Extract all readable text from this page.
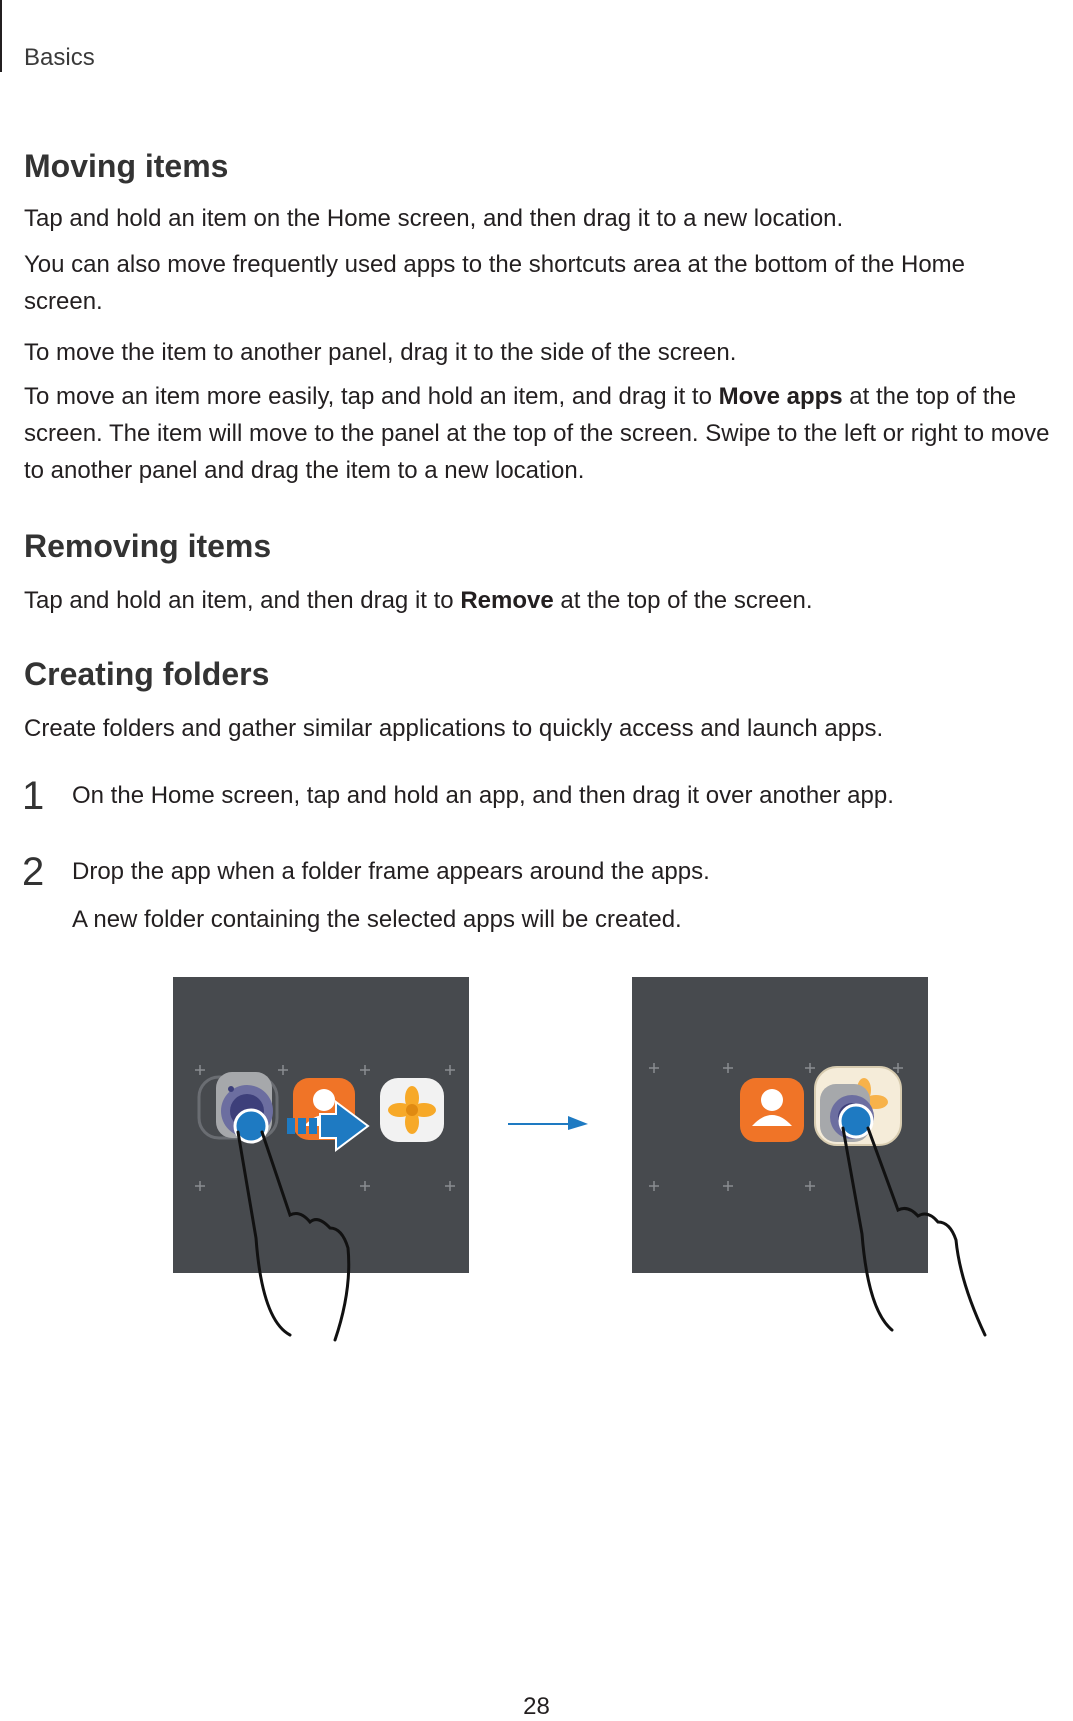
Basics
Moving items

Tap and hold an item on the Home screen, and then drag it to a new location.

You can also move frequently used apps to the shortcuts area at the bottom of the Home screen.

To move the item to another panel, drag it to the side of the screen.

To move an item more easily, tap and hold an item, and drag it to Move apps at the top of the screen. The item will move to the panel at the top of the screen. Swipe to the left or right to move to another panel and drag the item to a new location.

Removing items

Tap and hold an item, and then drag it to Remove at the top of the screen.

Creating folders

Create folders and gather similar applications to quickly access and launch apps.

1 On the Home screen, tap and hold an app, and then drag it over another app.

2 Drop the app when a folder frame appears around the apps.

A new folder containing the selected apps will be created.

28
